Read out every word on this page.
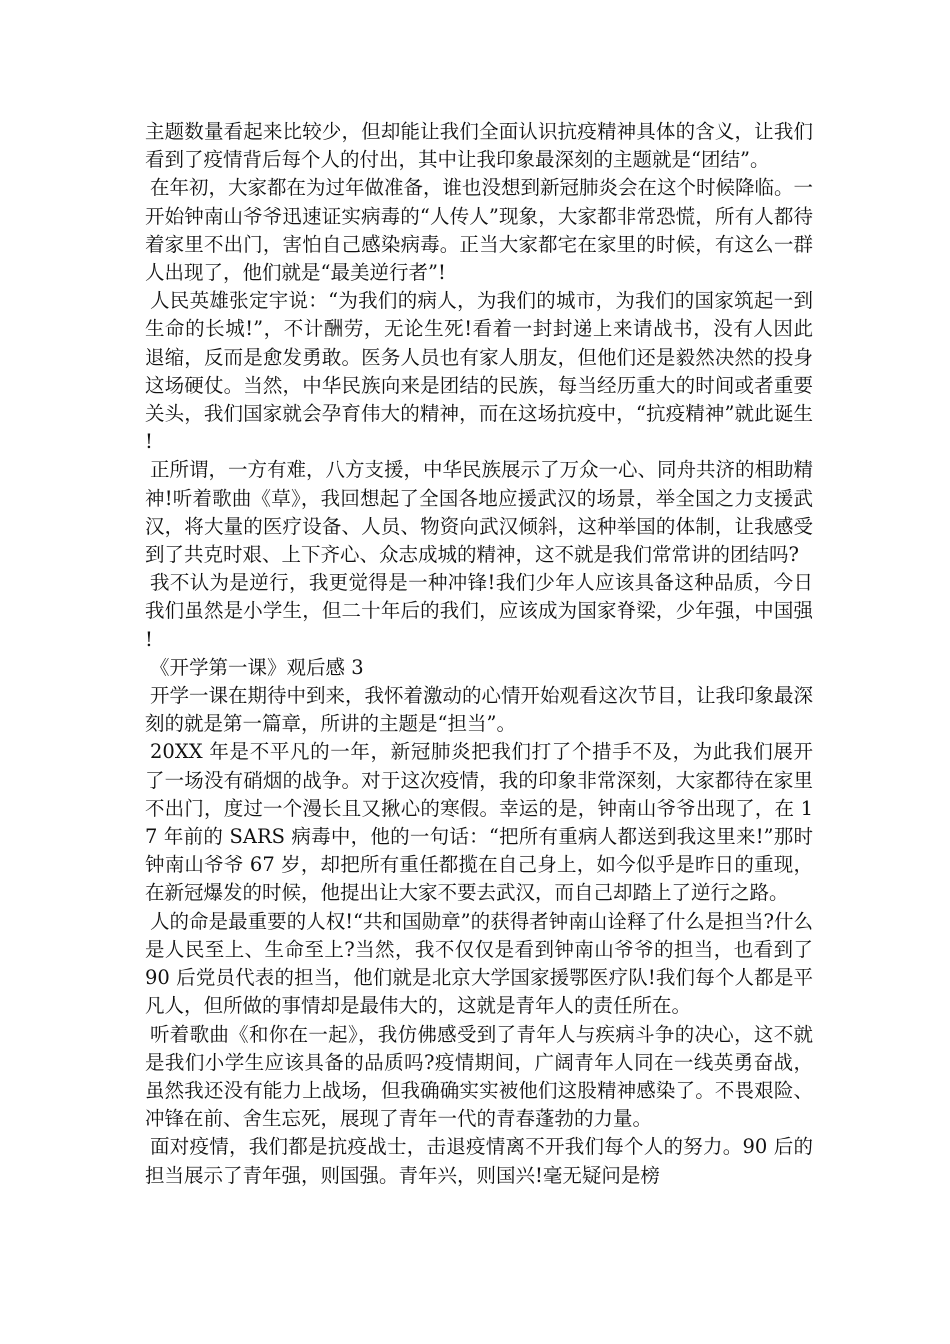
主题数量看起来比较少，但却能让我们全面认识抗疫精神具体的含义，让我们看到了疫情背后每个人的付出，其中让我印象最深刻的主题就是“团结”。

在年初，大家都在为过年做准备，谁也没想到新冠肺炎会在这个时候降临。一开始钟南山爷爷迅速证实病毒的“人传人”现象，大家都非常恐慌，所有人都待着家里不出门，害怕自己感染病毒。正当大家都宅在家里的时候，有这么一群人出现了，他们就是“最美逆行者”!

人民英雄张定宇说：“为我们的病人，为我们的城市，为我们的国家筑起一到生命的长城!”，不计酬劳，无论生死!看着一封封递上来请战书，没有人因此退缩，反而是愈发勇敢。医务人员也有家人朋友，但他们还是毅然决然的投身这场硬仗。当然，中华民族向来是团结的民族，每当经历重大的时间或者重要关头，我们国家就会孕育伟大的精神，而在这场抗疫中，“抗疫精神”就此诞生!

正所谓，一方有难，八方支援，中华民族展示了万众一心、同舟共济的相助精神!听着歌曲《草》，我回想起了全国各地应援武汉的场景，举全国之力支援武汉，将大量的医疗设备、人员、物资向武汉倾斜，这种举国的体制，让我感受到了共克时艰、上下齐心、众志成城的精神，这不就是我们常常讲的团结吗?

我不认为是逆行，我更觉得是一种冲锋!我们少年人应该具备这种品质，今日我们虽然是小学生，但二十年后的我们，应该成为国家脊梁，少年强，中国强!

《开学第一课》观后感 3

开学一课在期待中到来，我怀着激动的心情开始观看这次节目，让我印象最深刻的就是第一篇章，所讲的主题是“担当”。

20XX 年是不平凡的一年，新冠肺炎把我们打了个措手不及，为此我们展开了一场没有硝烟的战争。对于这次疫情，我的印象非常深刻，大家都待在家里不出门，度过一个漫长且又揪心的寒假。幸运的是，钟南山爷爷出现了，在 17 年前的 SARS 病毒中，他的一句话：“把所有重病人都送到我这里来!”那时钟南山爷爷 67 岁，却把所有重任都揽在自己身上，如今似乎是昨日的重现，在新冠爆发的时候，他提出让大家不要去武汉，而自己却踏上了逆行之路。

人的命是最重要的人权!“共和国勋章”的获得者钟南山诠释了什么是担当?什么是人民至上、生命至上?当然，我不仅仅是看到钟南山爷爷的担当，也看到了 90 后党员代表的担当，他们就是北京大学国家援鄂医疗队!我们每个人都是平凡人，但所做的事情却是最伟大的，这就是青年人的责任所在。

听着歌曲《和你在一起》，我仿佛感受到了青年人与疾病斗争的决心，这不就是我们小学生应该具备的品质吗?疫情期间，广阔青年人同在一线英勇奋战，虽然我还没有能力上战场，但我确确实实被他们这股精神感染了。不畏艰险、冲锋在前、舍生忘死，展现了青年一代的青春蓬勃的力量。

面对疫情，我们都是抗疫战士，击退疫情离不开我们每个人的努力。90 后的担当展示了青年强，则国强。青年兴，则国兴!毫无疑问是榜
